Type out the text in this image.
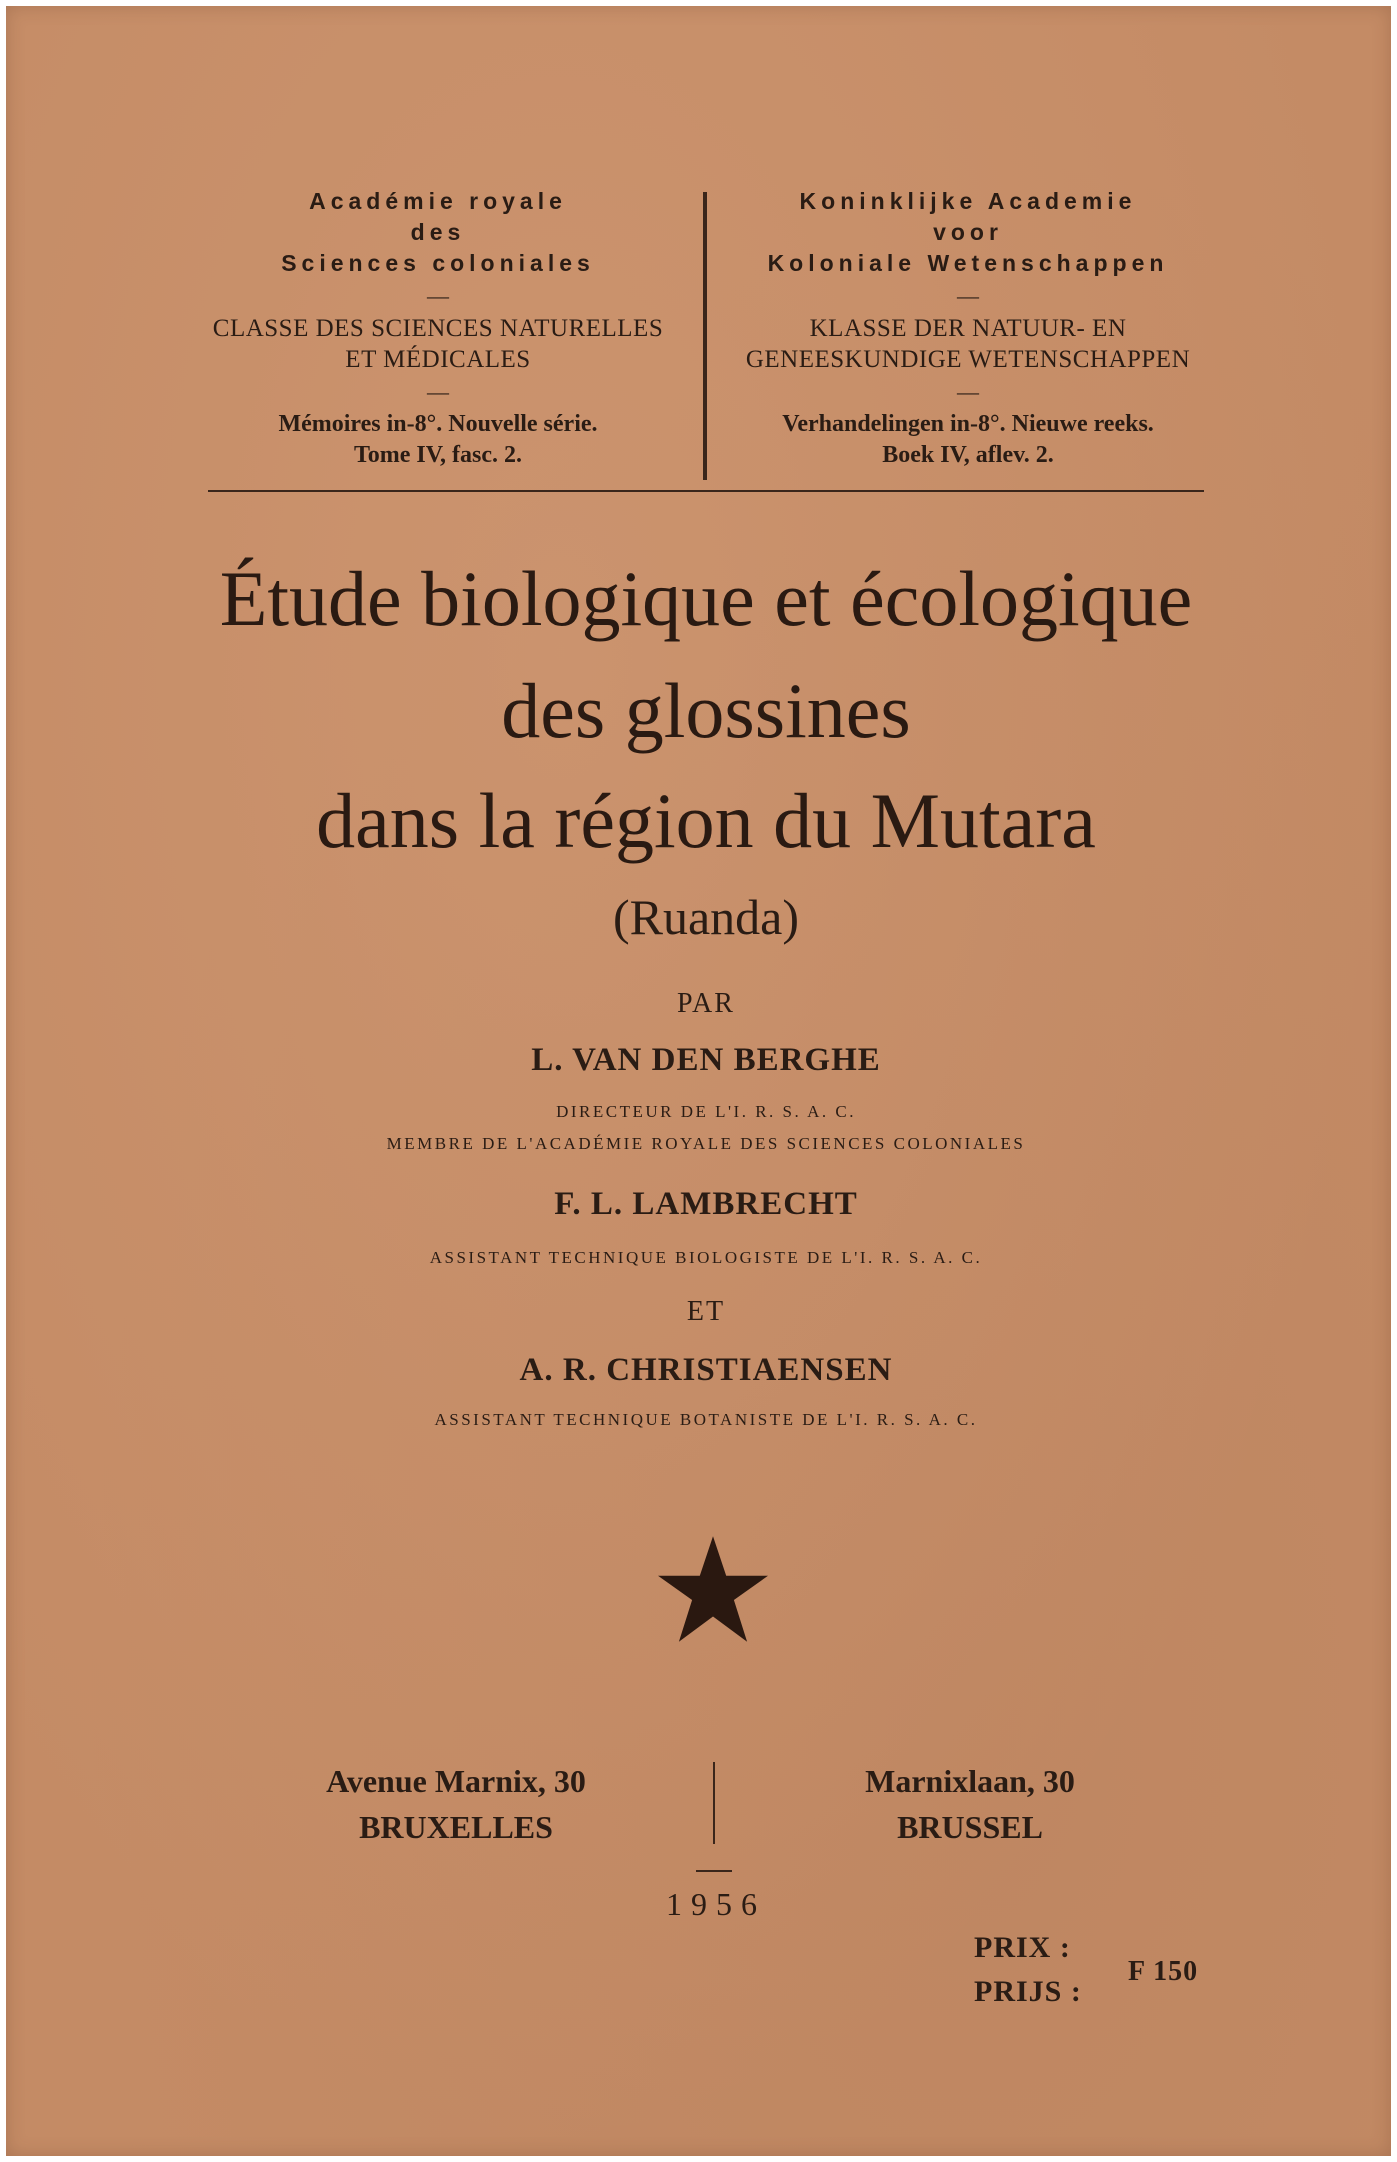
Académie royale
des
Sciences coloniales
—
CLASSE DES SCIENCES NATURELLES
ET MÉDICALES
—
Mémoires in-8°. Nouvelle série.
Tome IV, fasc. 2.
Koninklijke Academie
voor
Koloniale Wetenschappen
—
KLASSE DER NATUUR- EN
GENEESKUNDIGE WETENSCHAPPEN
—
Verhandelingen in-8°. Nieuwe reeks.
Boek IV, aflev. 2.
Étude biologique et écologique
des glossines
dans la région du Mutara
(Ruanda)
PAR
L. VAN DEN BERGHE
DIRECTEUR DE L'I. R. S. A. C.
MEMBRE DE L'ACADÉMIE ROYALE DES SCIENCES COLONIALES
F. L. LAMBRECHT
ASSISTANT TECHNIQUE BIOLOGISTE DE L'I. R. S. A. C.
ET
A. R. CHRISTIAENSEN
ASSISTANT TECHNIQUE BOTANISTE DE L'I. R. S. A. C.
Avenue Marnix, 30
BRUXELLES
Marnixlaan, 30
BRUSSEL
1956
PRIX :
PRIJS :
F 150
